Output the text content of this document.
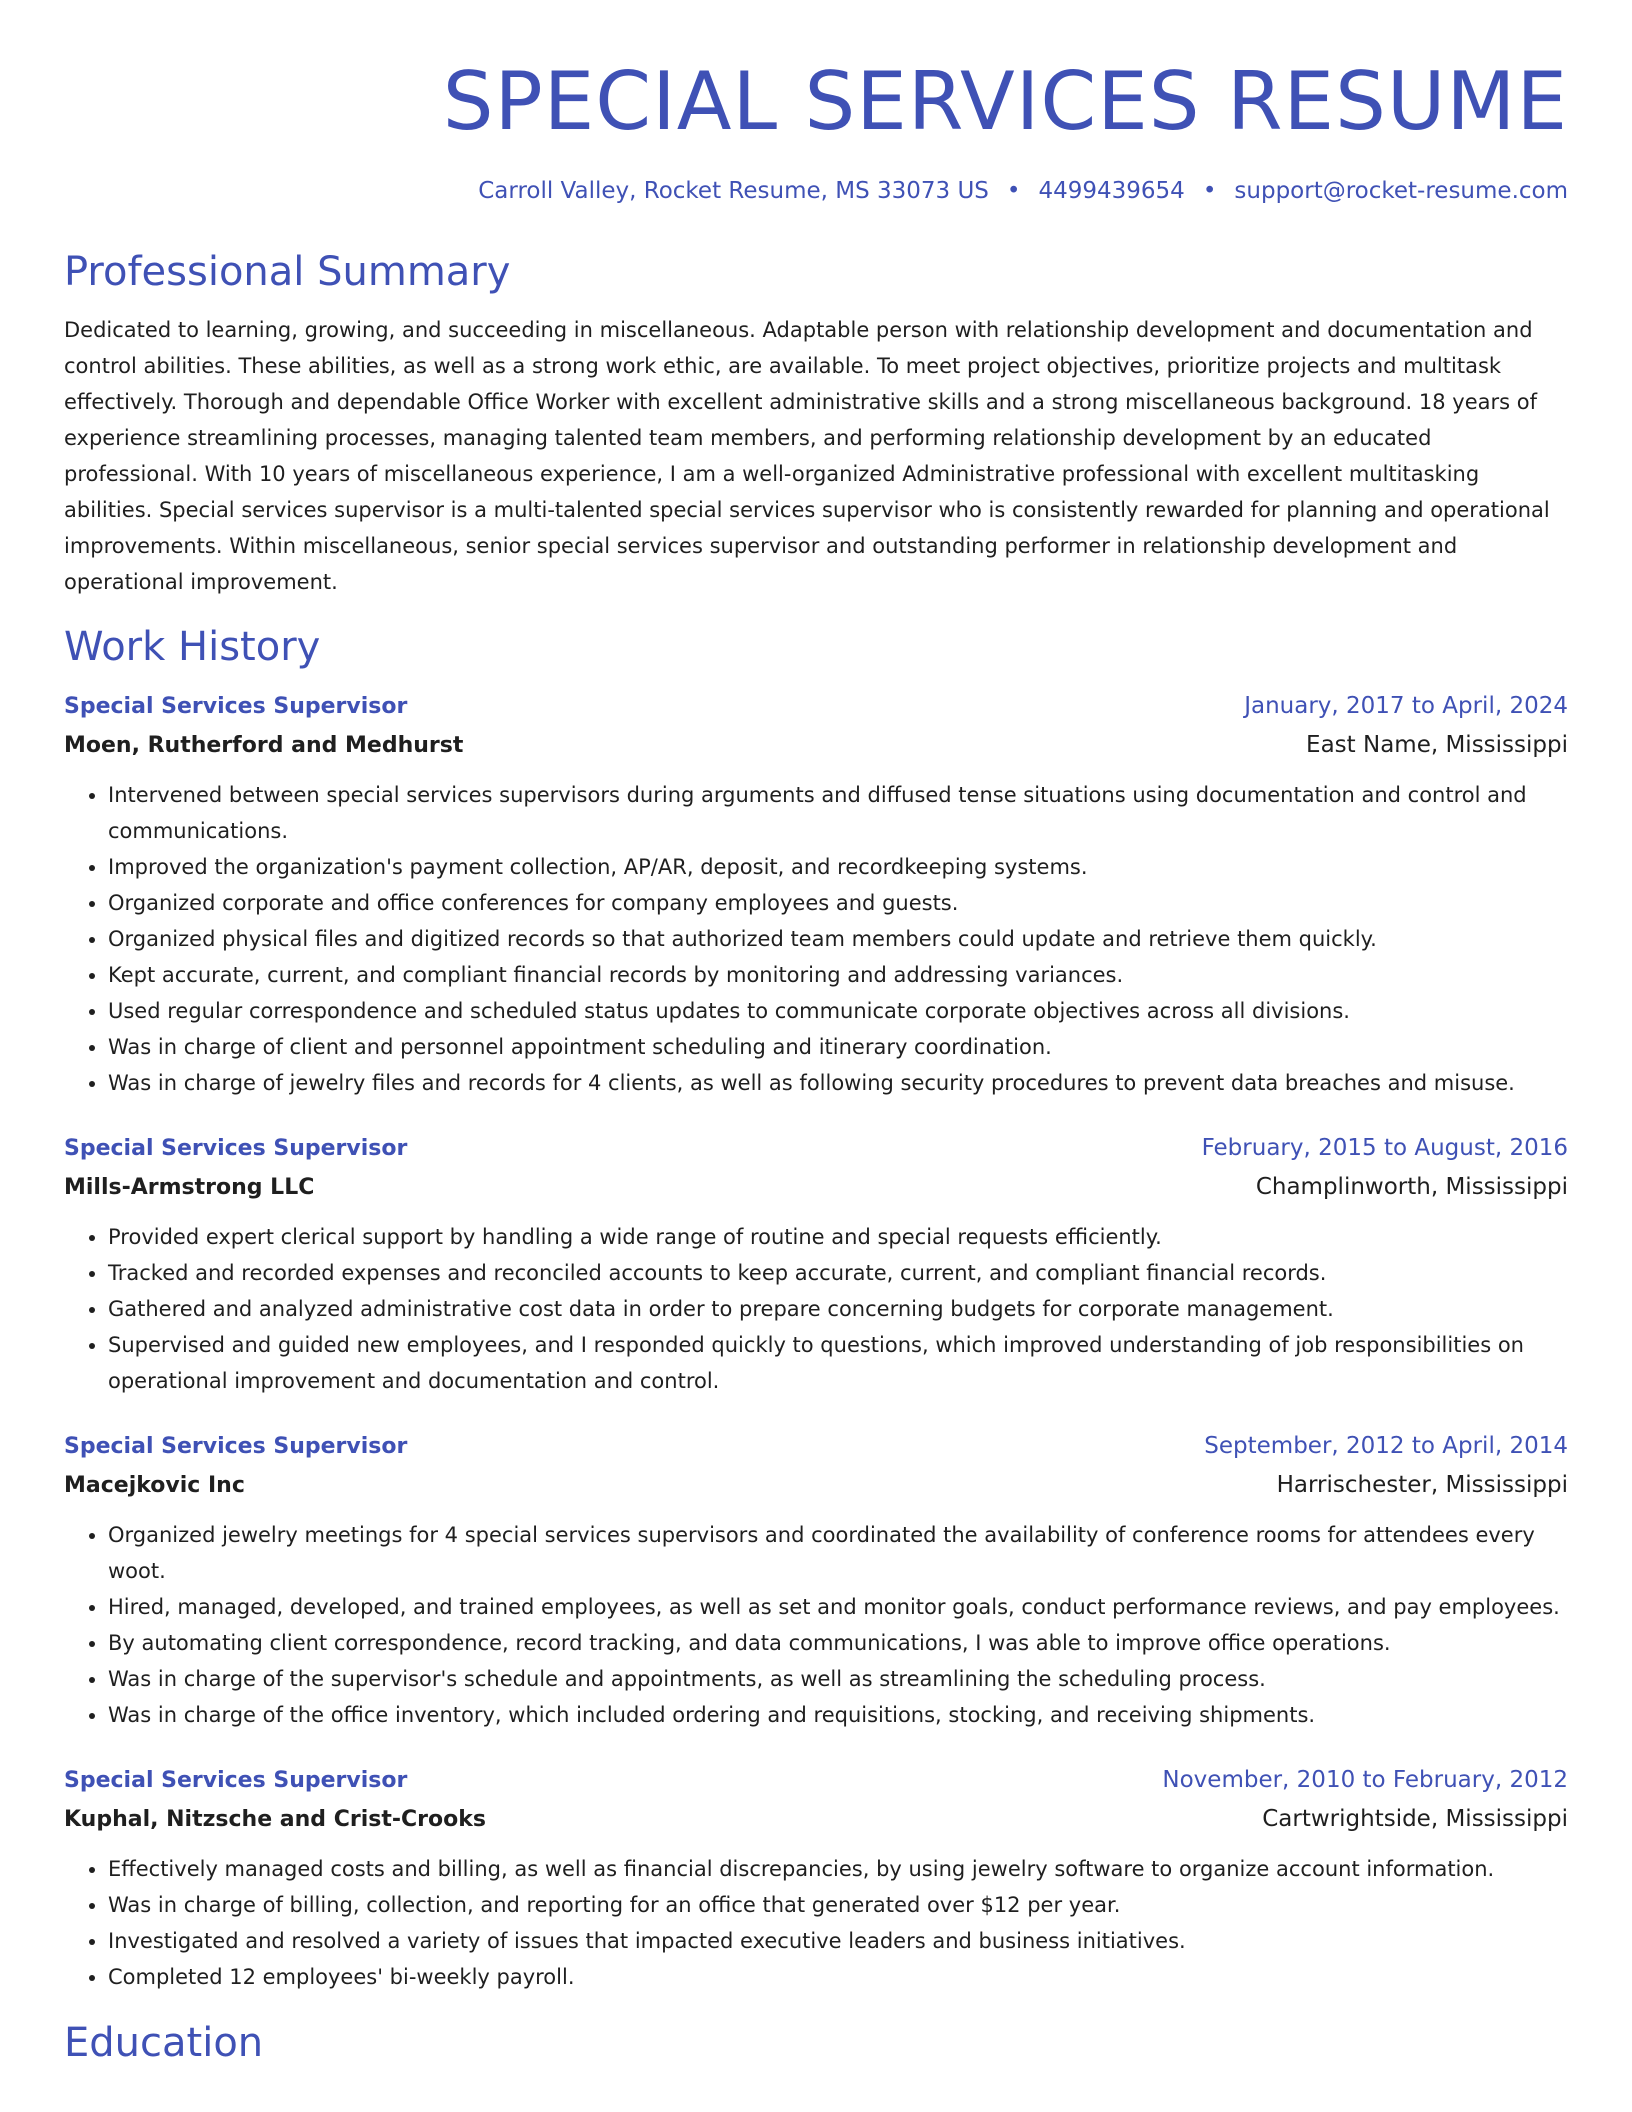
SPECIAL SERVICES RESUME
Carroll Valley, Rocket Resume, MS 33073 US • 4499439654 • support@rocket-resume.com
Professional Summary

Dedicated to learning, growing, and succeeding in miscellaneous. Adaptable person with relationship development and documentation and control abilities. These abilities, as well as a strong work ethic, are available. To meet project objectives, prioritize projects and multitask effectively. Thorough and dependable Office Worker with excellent administrative skills and a strong miscellaneous background. 18 years of experience streamlining processes, managing talented team members, and performing relationship development by an educated professional. With 10 years of miscellaneous experience, I am a well-organized Administrative professional with excellent multitasking abilities. Special services supervisor is a multi-talented special services supervisor who is consistently rewarded for planning and operational improvements. Within miscellaneous, senior special services supervisor and outstanding performer in relationship development and operational improvement.

Work History
Special Services Supervisor	January, 2017 to April, 2024
Moen, Rutherford and Medhurst	East Name, Mississippi
• Intervened between special services supervisors during arguments and diffused tense situations using documentation and control and communications.
• Improved the organization's payment collection, AP/AR, deposit, and recordkeeping systems.
• Organized corporate and office conferences for company employees and guests.
• Organized physical files and digitized records so that authorized team members could update and retrieve them quickly.
• Kept accurate, current, and compliant financial records by monitoring and addressing variances.
• Used regular correspondence and scheduled status updates to communicate corporate objectives across all divisions.
• Was in charge of client and personnel appointment scheduling and itinerary coordination.
• Was in charge of jewelry files and records for 4 clients, as well as following security procedures to prevent data breaches and misuse.
Special Services Supervisor	February, 2015 to August, 2016
Mills-Armstrong LLC	Champlinworth, Mississippi
• Provided expert clerical support by handling a wide range of routine and special requests efficiently.
• Tracked and recorded expenses and reconciled accounts to keep accurate, current, and compliant financial records.
• Gathered and analyzed administrative cost data in order to prepare concerning budgets for corporate management.
• Supervised and guided new employees, and I responded quickly to questions, which improved understanding of job responsibilities on operational improvement and documentation and control.
Special Services Supervisor	September, 2012 to April, 2014
Macejkovic Inc	Harrischester, Mississippi
• Organized jewelry meetings for 4 special services supervisors and coordinated the availability of conference rooms for attendees every woot.
• Hired, managed, developed, and trained employees, as well as set and monitor goals, conduct performance reviews, and pay employees.
• By automating client correspondence, record tracking, and data communications, I was able to improve office operations.
• Was in charge of the supervisor's schedule and appointments, as well as streamlining the scheduling process.
• Was in charge of the office inventory, which included ordering and requisitions, stocking, and receiving shipments.
Special Services Supervisor	November, 2010 to February, 2012
Kuphal, Nitzsche and Crist-Crooks	Cartwrightside, Mississippi
• Effectively managed costs and billing, as well as financial discrepancies, by using jewelry software to organize account information.
• Was in charge of billing, collection, and reporting for an office that generated over $12 per year.
• Investigated and resolved a variety of issues that impacted executive leaders and business initiatives.
• Completed 12 employees' bi-weekly payroll.
Education
